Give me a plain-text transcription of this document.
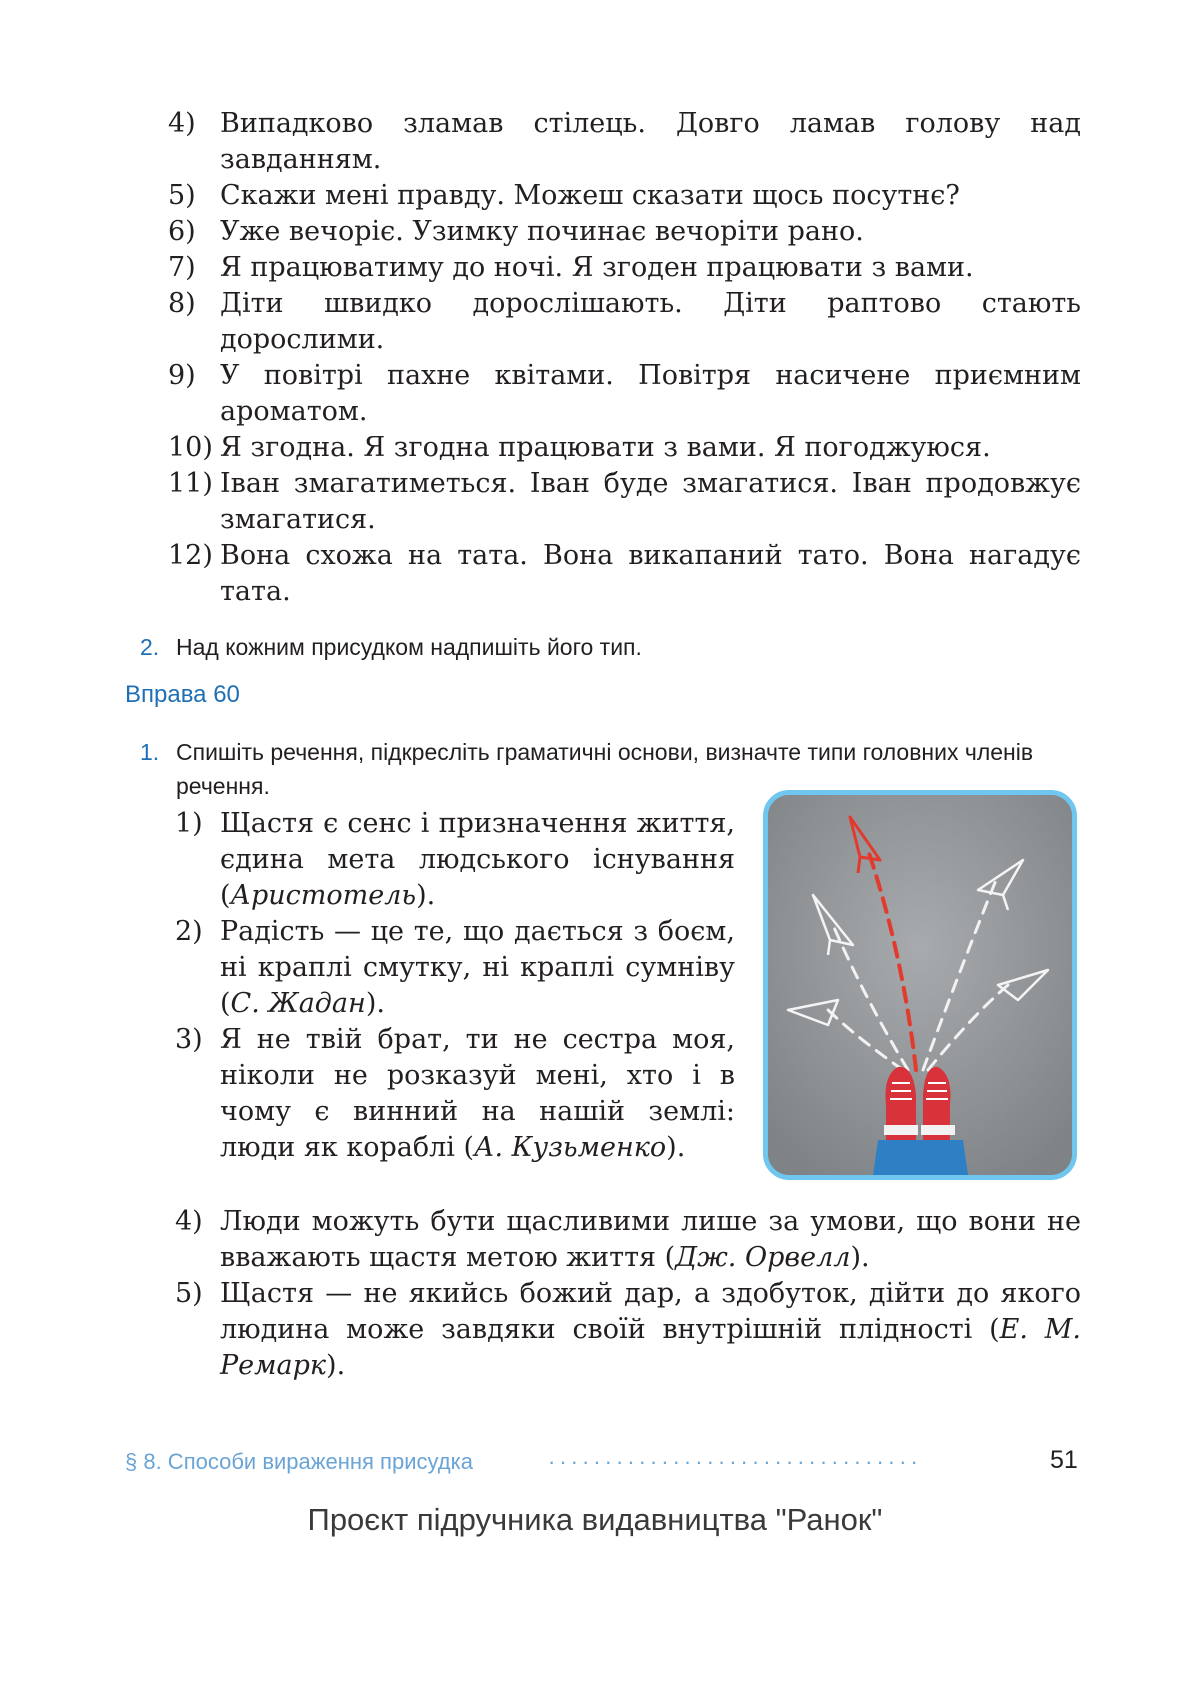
4) Випадково зламав стілець. Довго ламав голову над завданням.
5) Скажи мені правду. Можеш сказати щось посутнє?
6) Уже вечоріє. Узимку починає вечоріти рано.
7) Я працюватиму до ночі. Я згоден працювати з вами.
8) Діти швидко дорослішають. Діти раптово стають дорослими.
9) У повітрі пахне квітами. Повітря насичене приємним ароматом.
10) Я згодна. Я згодна працювати з вами. Я погоджуюся.
11) Іван змагатиметься. Іван буде змагатися. Іван продовжує змагатися.
12) Вона схожа на тата. Вона викапаний тато. Вона нагадує тата.
2. Над кожним присудком надпишіть його тип.
Вправа 60
1. Спишіть речення, підкресліть граматичні основи, визначте типи головних членів речення.
1) Щастя є сенс і призначення життя, єдина мета людського існування (Аристотель).
2) Радість — це те, що дається з боєм, ні краплі смутку, ні краплі сумніву (С. Жадан).
3) Я не твій брат, ти не сестра моя, ніколи не розказуй мені, хто і в чому є винний на нашій землі: люди як кораблі (А. Кузьменко).
4) Люди можуть бути щасливими лише за умови, що вони не вважають щастя метою життя (Дж. Орвелл).
5) Щастя — не якийсь божий дар, а здобуток, дійти до якого людина може завдяки своїй внутрішній плідності (Е. М. Ремарк).
§ 8. Способи вираження присудка	·································	51
Проєкт підручника видавництва "Ранок"
